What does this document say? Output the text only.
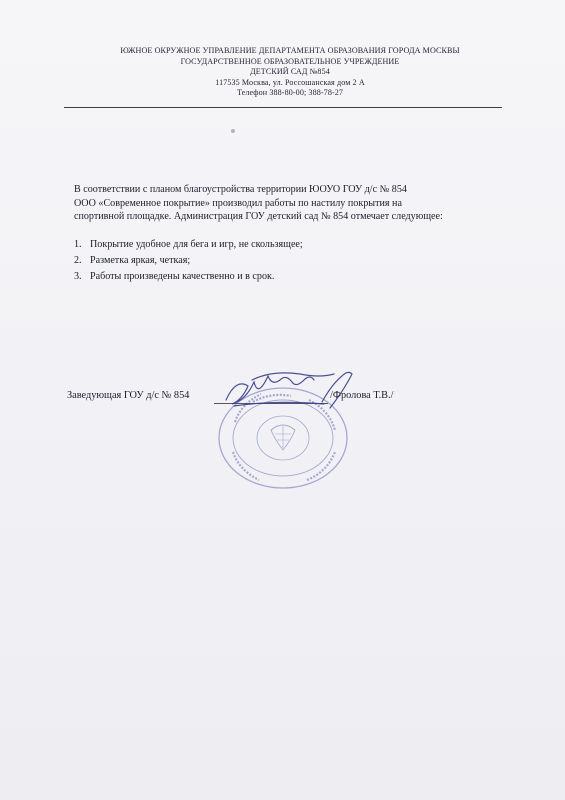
ЮЖНОЕ ОКРУЖНОЕ УПРАВЛЕНИЕ ДЕПАРТАМЕНТА ОБРАЗОВАНИЯ ГОРОДА МОСКВЫ
ГОСУДАРСТВЕННОЕ ОБРАЗОВАТЕЛЬНОЕ УЧРЕЖДЕНИЕ
ДЕТСКИЙ САД №854
117535 Москва, ул. Россошанская дом 2 А
Телефон 388-80-00; 388-78-27
В соответствии с планом благоустройства территории ЮОУО ГОУ д/с № 854
ООО «Современное покрытие» производил работы по настилу покрытия на
спортивной площадке. Администрация ГОУ детский сад № 854 отмечает следующее:
1. Покрытие удобное для бега и игр, не скользящее;
2. Разметка яркая, четкая;
3. Работы произведены качественно и в срок.
Заведующая ГОУ д/с № 854	/Фролова Т.В./
